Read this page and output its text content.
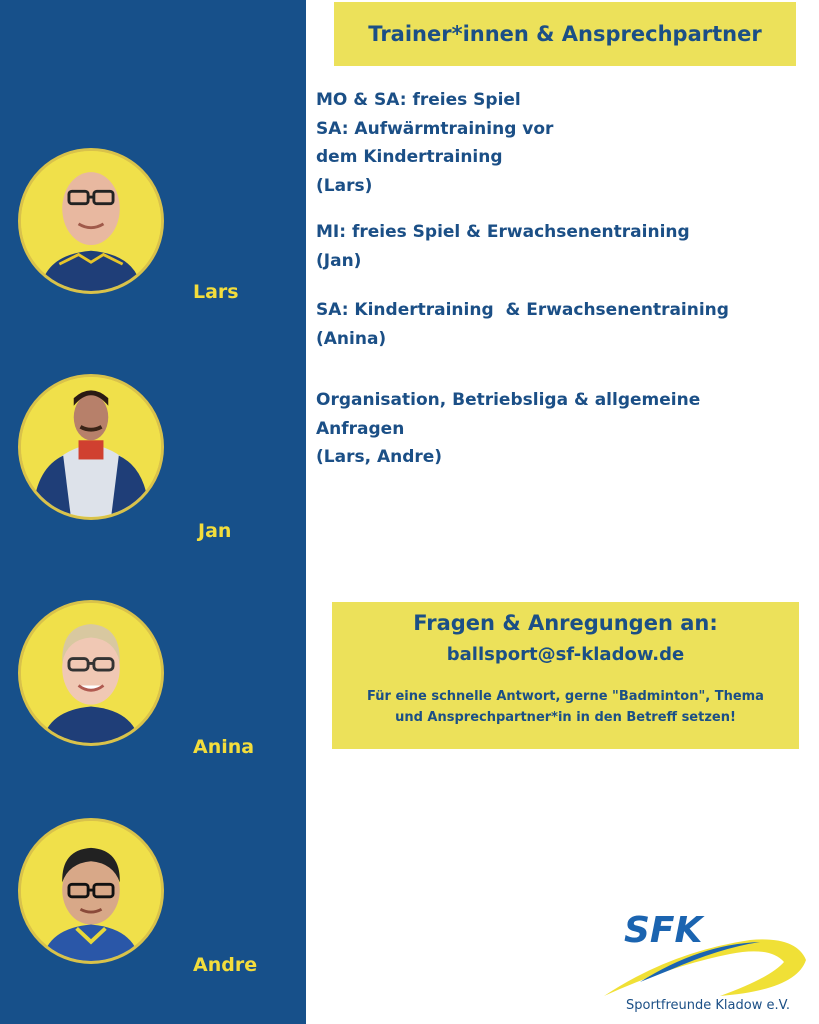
Lars
Jan
Anina
Andre
Trainer*innen & Ansprechpartner
MO & SA: freies Spiel
SA: Aufwärmtraining vor
dem Kindertraining
(Lars)
MI: freies Spiel & Erwachsenentraining
(Jan)
SA: Kindertraining  & Erwachsenentraining
(Anina)
Organisation, Betriebsliga & allgemeine
Anfragen
(Lars, Andre)
Fragen & Anregungen an:
ballsport@sf-kladow.de
Für eine schnelle Antwort, gerne "Badminton", Thema
und Ansprechpartner*in in den Betreff setzen!
SFK
Sportfreunde Kladow e.V.
